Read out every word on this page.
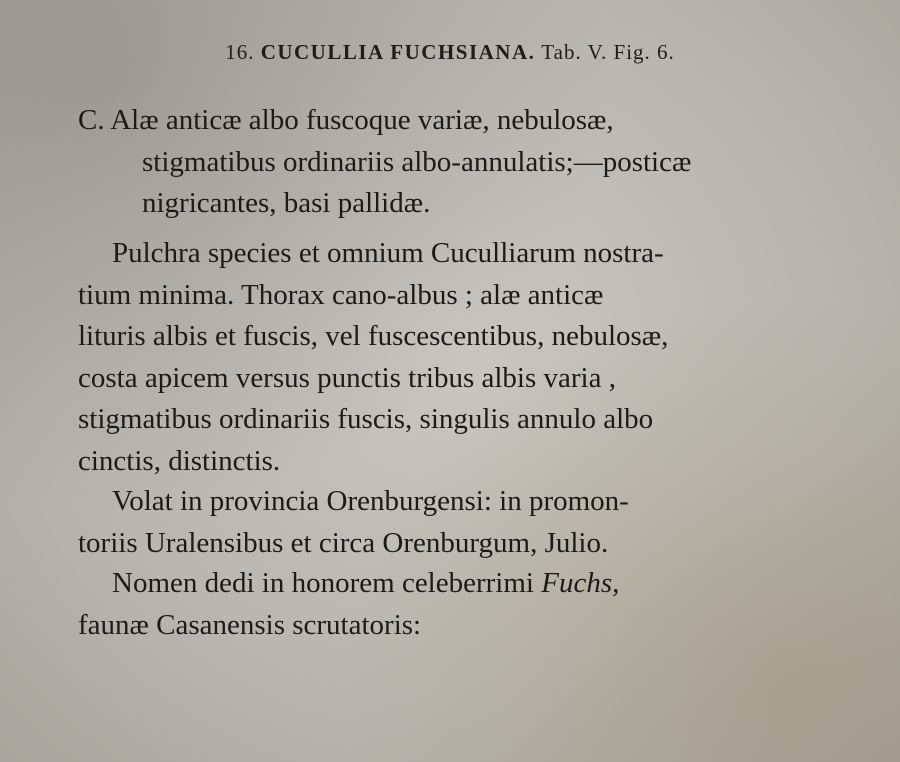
16. CUCULLIA FUCHSIANA. Tab. V. Fig. 6.
C. Alæ anticæ albo fuscoque variæ, nebulosæ,
stigmatibus ordinariis albo-annulatis;—posticæ
nigricantes, basi pallidæ.
Pulchra species et omnium Cuculliarum nostra-
tium minima. Thorax cano-albus ; alæ anticæ
lituris albis et fuscis, vel fuscescentibus, nebulosæ,
costa apicem versus punctis tribus albis varia ,
stigmatibus ordinariis fuscis, singulis annulo albo
cinctis, distinctis.
Volat in provincia Orenburgensi: in promon-
toriis Uralensibus et circa Orenburgum, Julio.
Nomen dedi in honorem celeberrimi Fuchs,
faunæ Casanensis scrutatoris:
